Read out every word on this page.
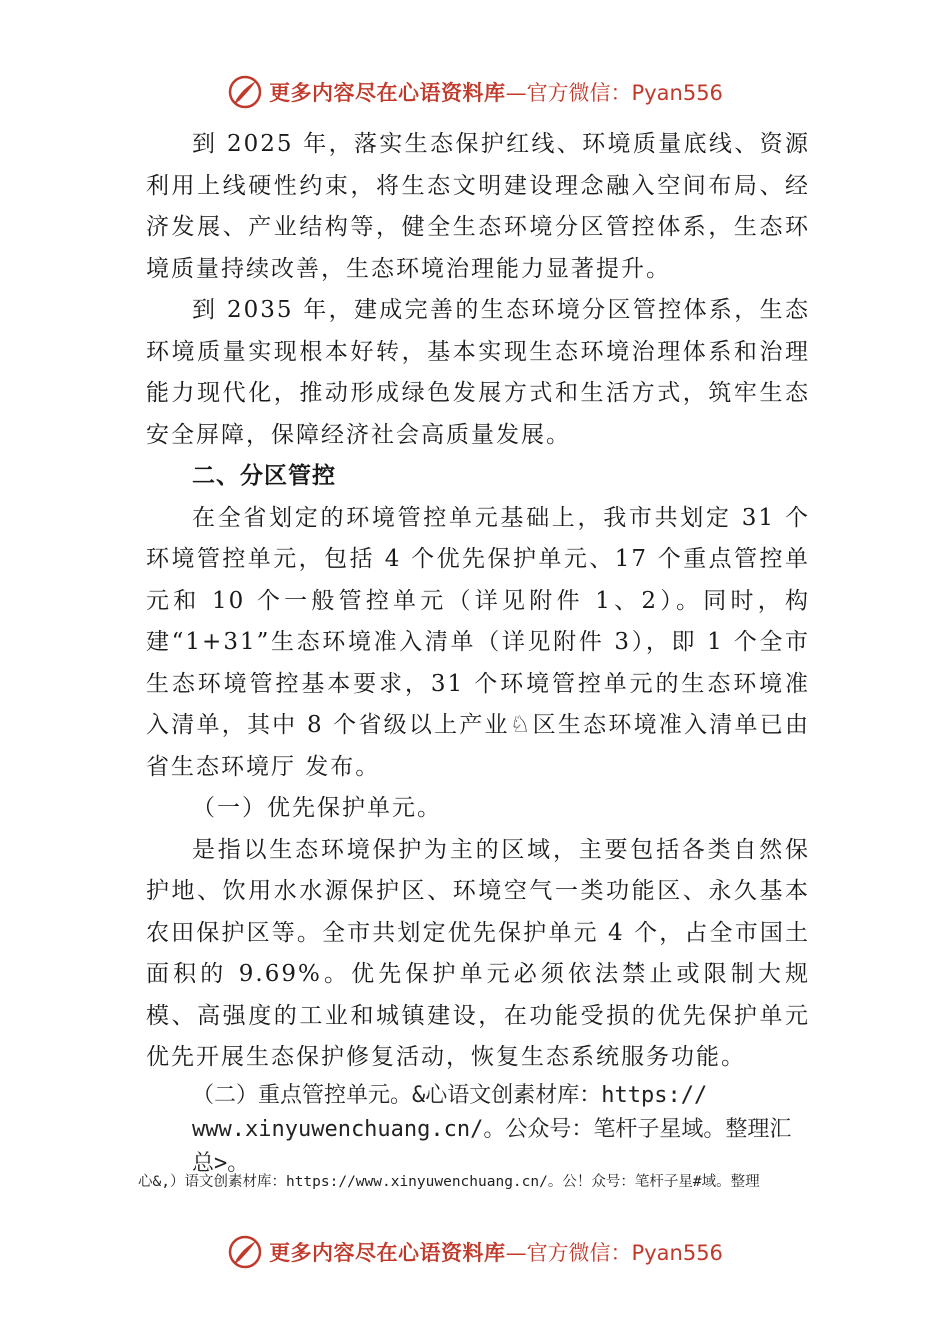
更多内容尽在心语资料库 —官方微信：Pyan556

到 2025 年，落实生态保护红线、环境质量底线、资源利用上线硬性约束，将生态文明建设理念融入空间布局、经济发展、产业结构等，健全生态环境分区管控体系，生态环境质量持续改善，生态环境治理能力显著提升。

到 2035 年，建成完善的生态环境分区管控体系，生态环境质量实现根本好转，基本实现生态环境治理体系和治理能力现代化，推动形成绿色发展方式和生活方式，筑牢生态安全屏障，保障经济社会高质量发展。

二、分区管控

在全省划定的环境管控单元基础上，我市共划定 31 个环境管控单元，包括 4 个优先保护单元、17 个重点管控单元和 10 个一般管控单元（详见附件 1、2）。同时，构建“1+31”生态环境准入清单（详见附件 3），即 1 个全市生态环境管控基本要求，31 个环境管控单元的生态环境准入清单，其中 8 个省级以上产业♘区生态环境准入清单已由省生态环境厅 发布。

（一）优先保护单元。

是指以生态环境保护为主的区域，主要包括各类自然保护地、饮用水水源保护区、环境空气一类功能区、永久基本农田保护区等。全市共划定优先保护单元 4 个，占全市国土面积的 9.69%。优先保护单元必须依法禁止或限制大规模、高强度的工业和城镇建设，在功能受损的优先保护单元优先开展生态保护修复活动，恢复生态系统服务功能。

（二）重点管控单元。&心语文创素材库：https://

www.xinyuwenchuang.cn/。公众号：笔杆子星域。整理汇

总>。

心&,）语文创素材库：https://www.xinyuwenchuang.cn/。公！众号：笔杆子星#域。整理
更多内容尽在心语资料库 —官方微信：Pyan556
